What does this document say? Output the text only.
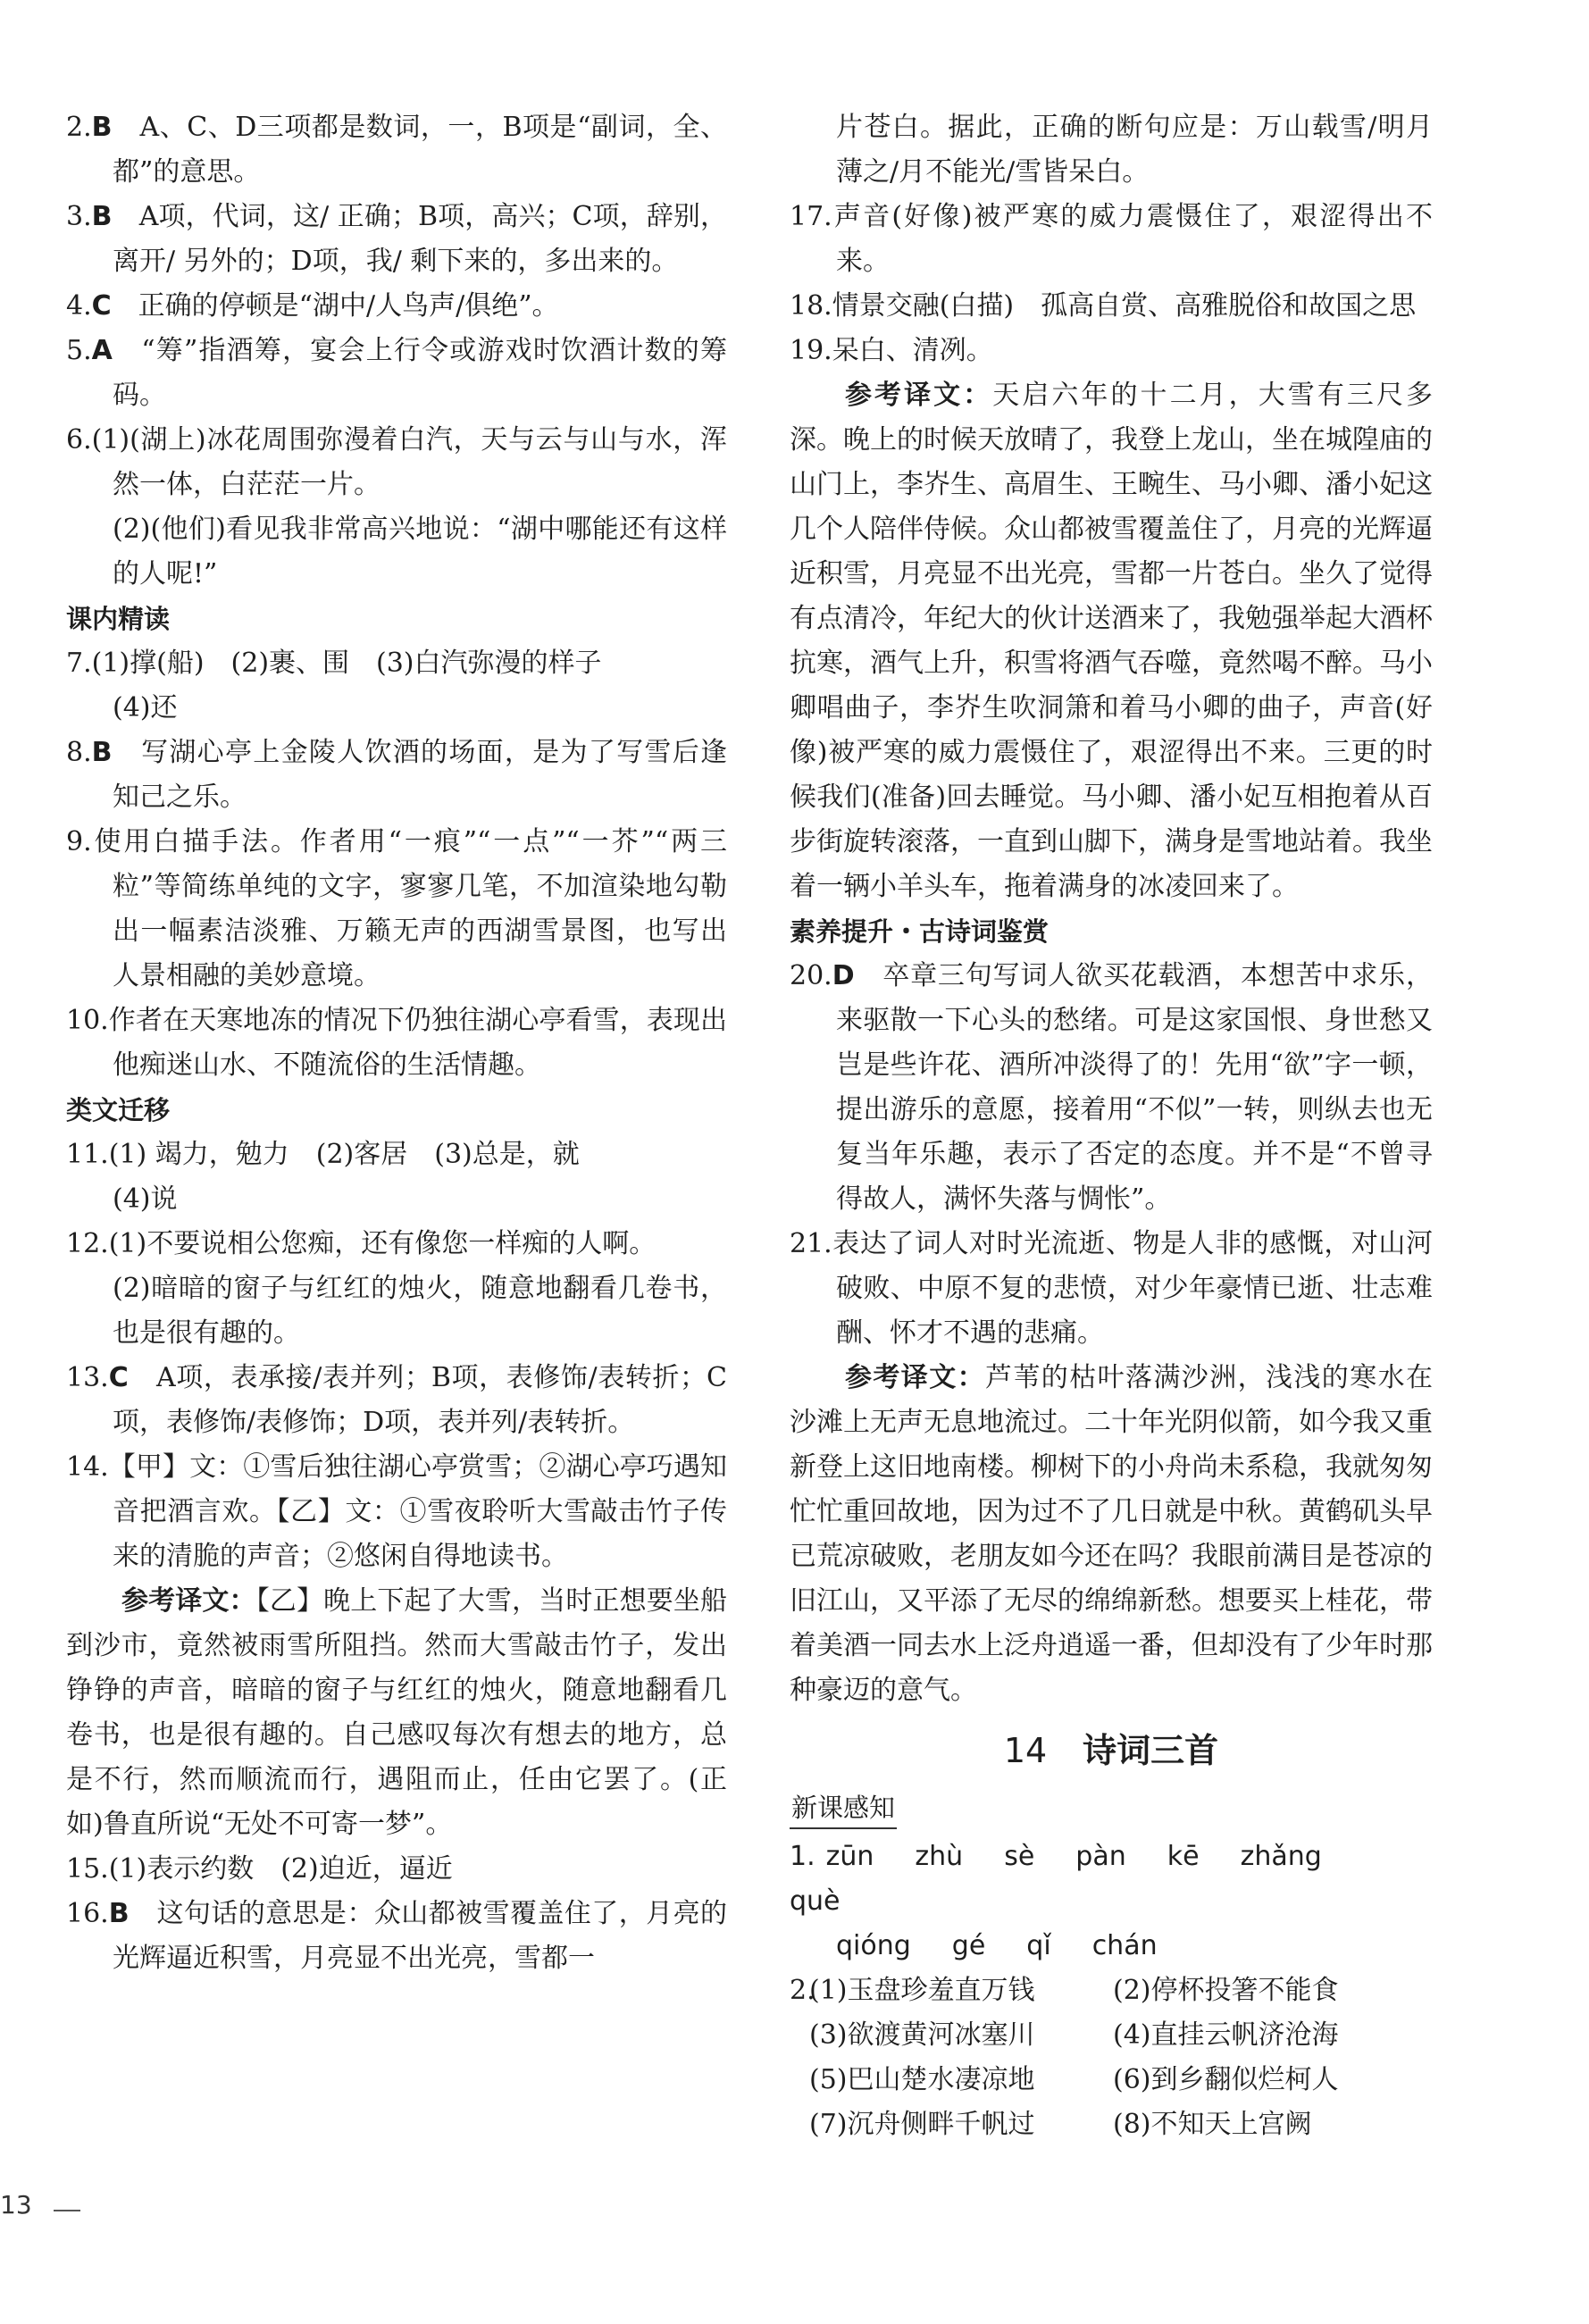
2.B　 A、C、D三项都是数词，一，B项是“副词，全、都”的意思。

3.B　 A项，代词，这/ 正确；B项，高兴；C项，辞别，离开/ 另外的；D项，我/ 剩下来的，多出来的。

4.C　 正确的停顿是“湖中/人鸟声/俱绝”。

5.A　 “筹”指酒筹，宴会上行令或游戏时饮酒计数的筹码。

6.(1)(湖上)冰花周围弥漫着白汽，天与云与山与水，浑然一体，白茫茫一片。

(2)(他们)看见我非常高兴地说：“湖中哪能还有这样的人呢!”

课内精读

7.(1)撑(船)　(2)裹、围　(3)白汽弥漫的样子

(4)还

8.B　 写湖心亭上金陵人饮酒的场面，是为了写雪后逢知己之乐。

9.使用白描手法。作者用“一痕”“一点”“一芥”“两三粒”等简练单纯的文字，寥寥几笔，不加渲染地勾勒出一幅素洁淡雅、万籁无声的西湖雪景图，也写出人景相融的美妙意境。

10.作者在天寒地冻的情况下仍独往湖心亭看雪，表现出他痴迷山水、不随流俗的生活情趣。

类文迁移

11.(1) 竭力，勉力　(2)客居　(3)总是，就

(4)说

12.(1)不要说相公您痴，还有像您一样痴的人啊。

(2)暗暗的窗子与红红的烛火，随意地翻看几卷书，也是很有趣的。

13.C　 A项，表承接/表并列；B项，表修饰/表转折；C项，表修饰/表修饰；D项，表并列/表转折。

14.【甲】文：①雪后独往湖心亭赏雪；②湖心亭巧遇知音把酒言欢。【乙】文：①雪夜聆听大雪敲击竹子传来的清脆的声音；②悠闲自得地读书。

参考译文：【乙】晚上下起了大雪，当时正想要坐船到沙市，竟然被雨雪所阻挡。然而大雪敲击竹子，发出铮铮的声音，暗暗的窗子与红红的烛火，随意地翻看几卷书，也是很有趣的。自己感叹每次有想去的地方，总是不行，然而顺流而行，遇阻而止，任由它罢了。(正如)鲁直所说“无处不可寄一梦”。

15.(1)表示约数　(2)迫近，逼近

16.B　 这句话的意思是：众山都被雪覆盖住了，月亮的光辉逼近积雪，月亮显不出光亮，雪都一

片苍白。据此，正确的断句应是：万山载雪/明月薄之/月不能光/雪皆呆白。

17.声音(好像)被严寒的威力震慑住了，艰涩得出不来。

18.情景交融(白描)　孤高自赏、高雅脱俗和故国之思

19.呆白、清冽。

参考译文：天启六年的十二月，大雪有三尺多深。晚上的时候天放晴了，我登上龙山，坐在城隍庙的山门上，李岕生、高眉生、王畹生、马小卿、潘小妃这几个人陪伴侍候。众山都被雪覆盖住了，月亮的光辉逼近积雪，月亮显不出光亮，雪都一片苍白。坐久了觉得有点清冷，年纪大的伙计送酒来了，我勉强举起大酒杯抗寒，酒气上升，积雪将酒气吞噬，竟然喝不醉。马小卿唱曲子，李岕生吹洞箫和着马小卿的曲子，声音(好像)被严寒的威力震慑住了，艰涩得出不来。三更的时候我们(准备)回去睡觉。马小卿、潘小妃互相抱着从百步街旋转滚落，一直到山脚下，满身是雪地站着。我坐着一辆小羊头车，拖着满身的冰凌回来了。

素养提升・古诗词鉴赏

20.D　 卒章三句写词人欲买花载酒，本想苦中求乐，来驱散一下心头的愁绪。可是这家国恨、身世愁又岂是些许花、酒所冲淡得了的！先用“欲”字一顿，提出游乐的意愿，接着用“不似”一转，则纵去也无复当年乐趣，表示了否定的态度。并不是“不曾寻得故人，满怀失落与惆怅”。

21.表达了词人对时光流逝、物是人非的感慨，对山河破败、中原不复的悲愤，对少年豪情已逝、壮志难酬、怀才不遇的悲痛。

参考译文：芦苇的枯叶落满沙洲，浅浅的寒水在沙滩上无声无息地流过。二十年光阴似箭，如今我又重新登上这旧地南楼。柳树下的小舟尚未系稳，我就匆匆忙忙重回故地，因为过不了几日就是中秋。黄鹤矶头早已荒凉破败，老朋友如今还在吗？我眼前满目是苍凉的旧江山，又平添了无尽的绵绵新愁。想要买上桂花，带着美酒一同去水上泛舟逍遥一番，但却没有了少年时那种豪迈的意气。

14 诗词三首
新课感知
1. zūn zhù sè pàn kē zhǎngquè
qióng gé qǐ chán
2.(1)玉盘珍羞直万钱	(2)停杯投箸不能食
(3)欲渡黄河冰塞川	(4)直挂云帆济沧海
(5)巴山楚水凄凉地	(6)到乡翻似烂柯人
(7)沉舟侧畔千帆过	(8)不知天上宫阙
13
